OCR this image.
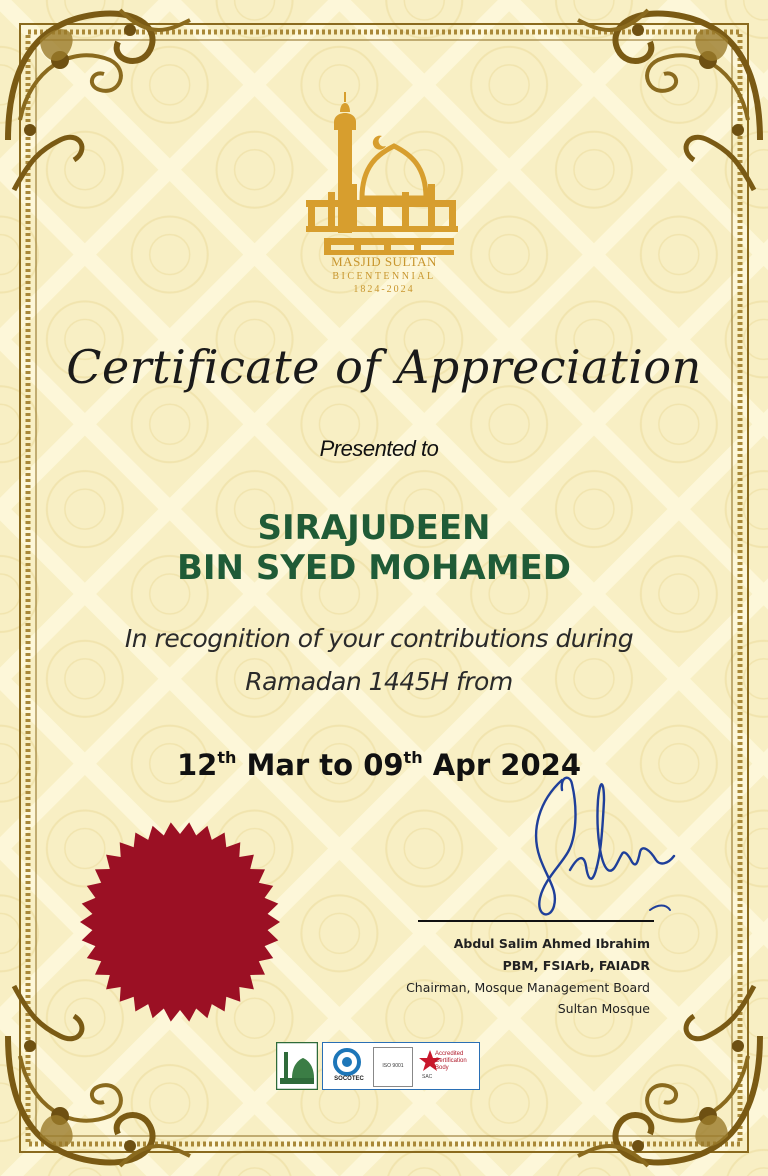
MASJID SULTAN
BICENTENNIAL
1824-2024
Certificate of Appreciation
Presented to
SIRAJUDEEN
BIN SYED MOHAMED
In recognition of your contributions during
Ramadan 1445H from
12th Mar to 09th Apr 2024
Abdul Salim Ahmed Ibrahim
PBM, FSIArb, FAIADR
Chairman, Mosque Management Board
Sultan Mosque
SOCOTEC
ISO 9001
Accredited
Certification
Body
SAC
